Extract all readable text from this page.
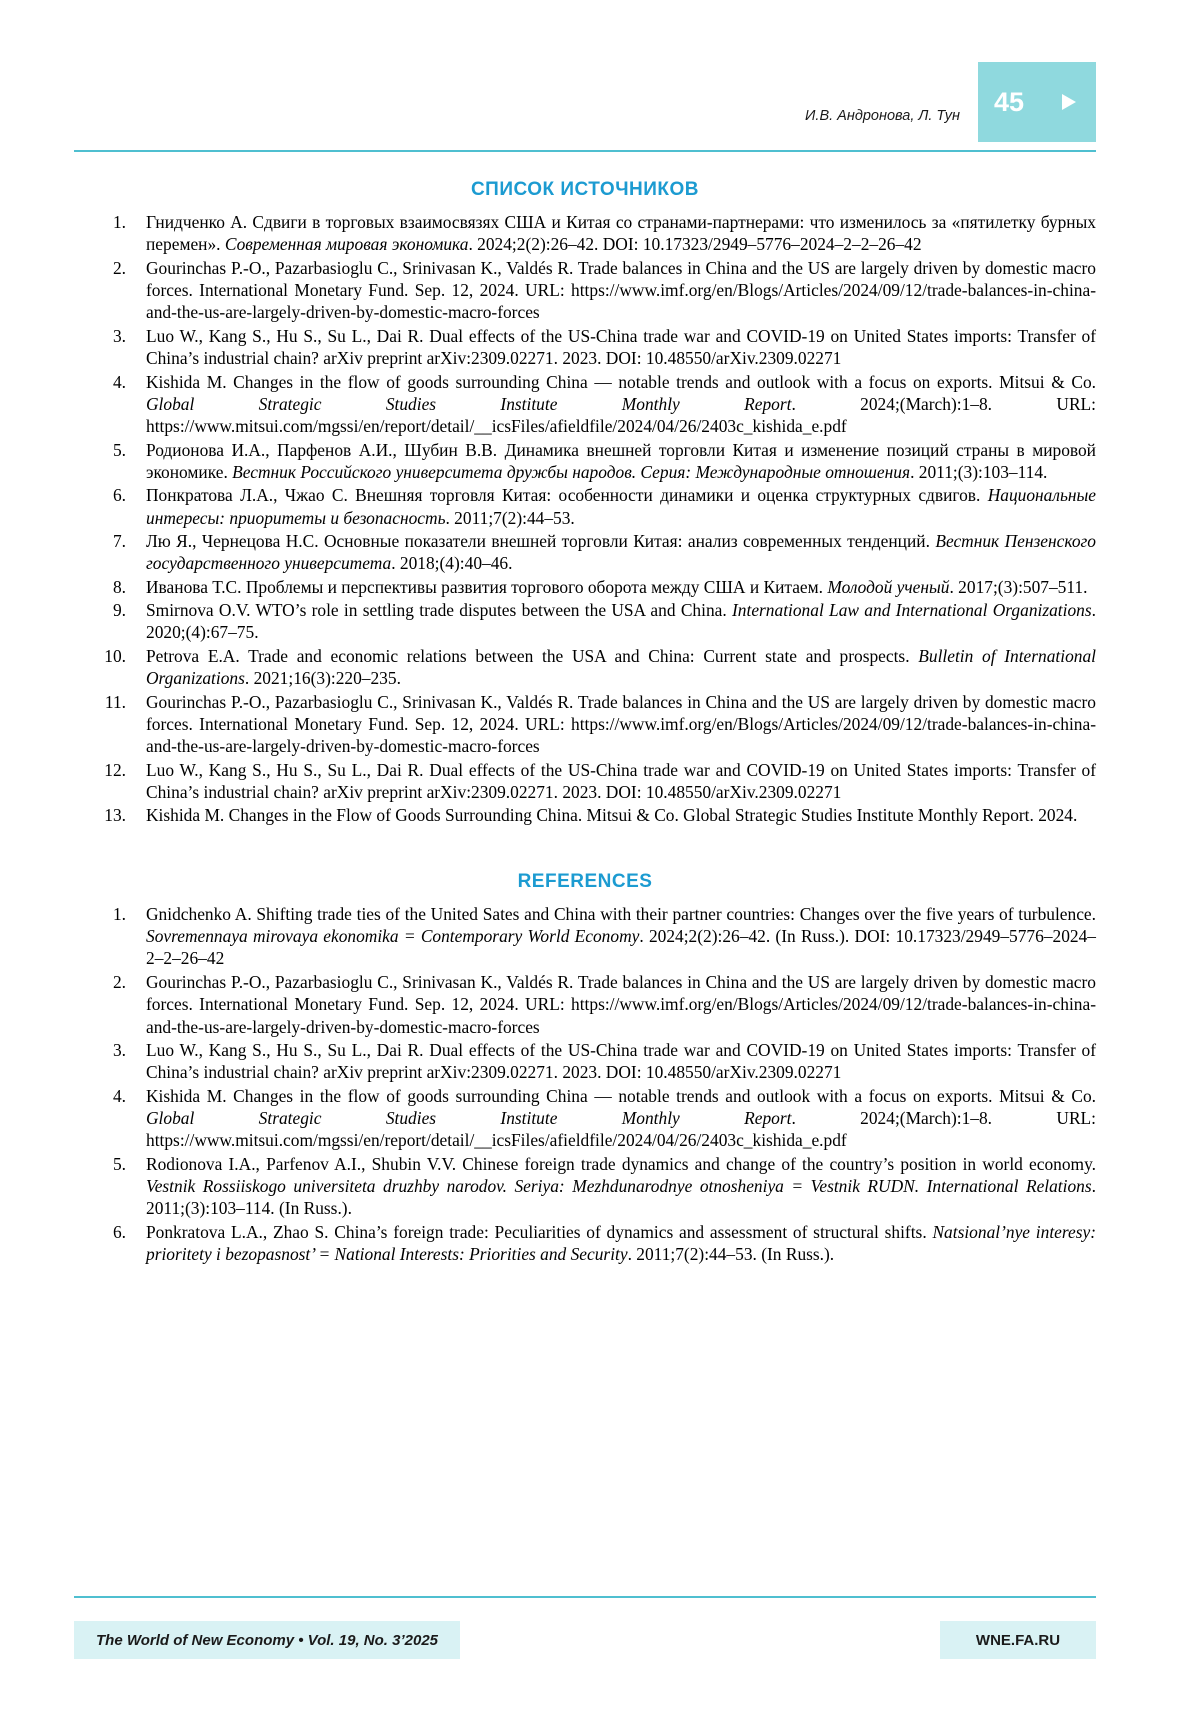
45
И.В. Андронова, Л. Тун
СПИСОК ИСТОЧНИКОВ
1. Гнидченко А. Сдвиги в торговых взаимосвязях США и Китая со странами-партнерами: что изменилось за «пятилетку бурных перемен». Современная мировая экономика. 2024;2(2):26–42. DOI: 10.17323/2949–5776–2024–2–2–26–42
2. Gourinchas P.-O., Pazarbasioglu C., Srinivasan K., Valdés R. Trade balances in China and the US are largely driven by domestic macro forces. International Monetary Fund. Sep. 12, 2024. URL: https://www.imf.org/en/Blogs/Articles/2024/09/12/trade-balances-in-china-and-the-us-are-largely-driven-by-domestic-macro-forces
3. Luo W., Kang S., Hu S., Su L., Dai R. Dual effects of the US-China trade war and COVID-19 on United States imports: Transfer of China’s industrial chain? arXiv preprint arXiv:2309.02271. 2023. DOI: 10.48550/arXiv.2309.02271
4. Kishida M. Changes in the flow of goods surrounding China — notable trends and outlook with a focus on exports. Mitsui & Co. Global Strategic Studies Institute Monthly Report. 2024;(March):1–8. URL: https://www.mitsui.com/mgssi/en/report/detail/__icsFiles/afieldfile/2024/04/26/2403c_kishida_e.pdf
5. Родионова И.А., Парфенов А.И., Шубин В.В. Динамика внешней торговли Китая и изменение позиций страны в мировой экономике. Вестник Российского университета дружбы народов. Серия: Международные отношения. 2011;(3):103–114.
6. Понкратова Л.А., Чжао С. Внешняя торговля Китая: особенности динамики и оценка структурных сдвигов. Национальные интересы: приоритеты и безопасность. 2011;7(2):44–53.
7. Лю Я., Чернецова Н.С. Основные показатели внешней торговли Китая: анализ современных тенденций. Вестник Пензенского государственного университета. 2018;(4):40–46.
8. Иванова Т.С. Проблемы и перспективы развития торгового оборота между США и Китаем. Молодой ученый. 2017;(3):507–511.
9. Smirnova O.V. WTO’s role in settling trade disputes between the USA and China. International Law and International Organizations. 2020;(4):67–75.
10. Petrova E.A. Trade and economic relations between the USA and China: Current state and prospects. Bulletin of International Organizations. 2021;16(3):220–235.
11. Gourinchas P.-O., Pazarbasioglu C., Srinivasan K., Valdés R. Trade balances in China and the US are largely driven by domestic macro forces. International Monetary Fund. Sep. 12, 2024. URL: https://www.imf.org/en/Blogs/Articles/2024/09/12/trade-balances-in-china-and-the-us-are-largely-driven-by-domestic-macro-forces
12. Luo W., Kang S., Hu S., Su L., Dai R. Dual effects of the US-China trade war and COVID-19 on United States imports: Transfer of China’s industrial chain? arXiv preprint arXiv:2309.02271. 2023. DOI: 10.48550/arXiv.2309.02271
13. Kishida M. Changes in the Flow of Goods Surrounding China. Mitsui & Co. Global Strategic Studies Institute Monthly Report. 2024.
REFERENCES
1. Gnidchenko A. Shifting trade ties of the United Sates and China with their partner countries: Changes over the five years of turbulence. Sovremennaya mirovaya ekonomika = Contemporary World Economy. 2024;2(2):26–42. (In Russ.). DOI: 10.17323/2949–5776–2024–2–2–26–42
2. Gourinchas P.-O., Pazarbasioglu C., Srinivasan K., Valdés R. Trade balances in China and the US are largely driven by domestic macro forces. International Monetary Fund. Sep. 12, 2024. URL: https://www.imf.org/en/Blogs/Articles/2024/09/12/trade-balances-in-china-and-the-us-are-largely-driven-by-domestic-macro-forces
3. Luo W., Kang S., Hu S., Su L., Dai R. Dual effects of the US-China trade war and COVID-19 on United States imports: Transfer of China’s industrial chain? arXiv preprint arXiv:2309.02271. 2023. DOI: 10.48550/arXiv.2309.02271
4. Kishida M. Changes in the flow of goods surrounding China — notable trends and outlook with a focus on exports. Mitsui & Co. Global Strategic Studies Institute Monthly Report. 2024;(March):1–8. URL: https://www.mitsui.com/mgssi/en/report/detail/__icsFiles/afieldfile/2024/04/26/2403c_kishida_e.pdf
5. Rodionova I.A., Parfenov A.I., Shubin V.V. Chinese foreign trade dynamics and change of the country’s position in world economy. Vestnik Rossiiskogo universiteta druzhby narodov. Seriya: Mezhdunarodnye otnosheniya = Vestnik RUDN. International Relations. 2011;(3):103–114. (In Russ.).
6. Ponkratova L.A., Zhao S. China’s foreign trade: Peculiarities of dynamics and assessment of structural shifts. Natsional’nye interesy: prioritety i bezopasnost’ = National Interests: Priorities and Security. 2011;7(2):44–53. (In Russ.).
The World of New Economy • Vol. 19, No. 3’2025	WNE.FA.RU
